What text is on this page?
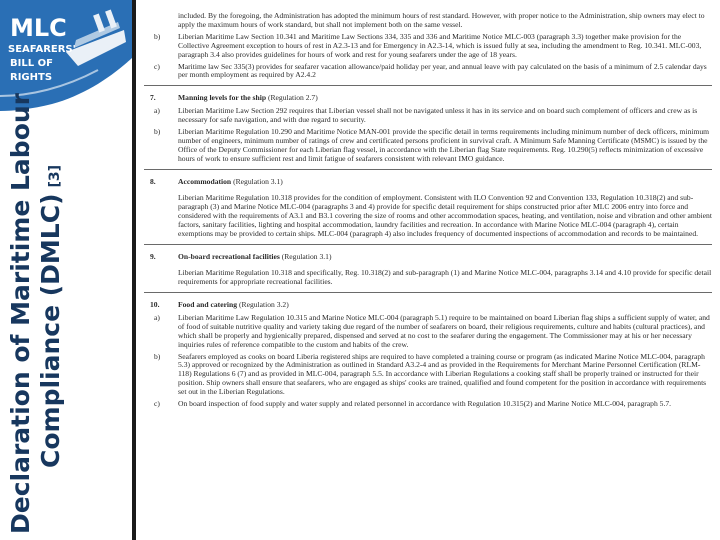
MLC
SEAFARERS'
BILL OF
RIGHTS
Declaration of Maritime Labour Compliance (DMLC)[3]

included. By the foregoing, the Administration has adopted the minimum hours of rest standard. However, with proper notice to the Administration, ship owners may elect to apply the maximum hours of work standard, but shall not implement both on the same vessel.

b) Liberian Maritime Law Section 10.341 and Maritime Law Sections 334, 335 and 336 and Maritime Notice MLC-003 (paragraph 3.3) together make provision for the Collective Agreement exception to hours of rest in A2.3-13 and for Emergency in A2.3-14, which is issued fully at sea, including the amendment to Reg. 10.341. MLC-003, paragraph 3.4 also provides guidelines for hours of work and rest for young seafarers under the age of 18 years.
c) Maritime law Sec 335(3) provides for seafarer vacation allowance/paid holiday per year, and annual leave with pay calculated on the basis of a minimum of 2.5 calendar days per month employment as required by A2.4.2
7.	Manning levels for the ship (Regulation 2.7)
a) Liberian Maritime Law Section 292 requires that Liberian vessel shall not be navigated unless it has in its service and on board such complement of officers and crew as is necessary for safe navigation, and with due regard to security.
b) Liberian Maritime Regulation 10.290 and Maritime Notice MAN-001 provide the specific detail in terms requirements including minimum number of deck officers, minimum number of engineers, minimum number of ratings of crew and certificated persons proficient in survival craft. A Minimum Safe Manning Certificate (MSMC) is issued by the Office of the Deputy Commissioner for each Liberian flag vessel, in accordance with the Liberian flag State requirements. Reg. 10.290(5) reflects minimization of excessive hours of work to ensure sufficient rest and limit fatigue of seafarers consistent with relevant IMO guidance.
8.	Accommodation (Regulation 3.1)

Liberian Maritime Regulation 10.318 provides for the condition of employment. Consistent with ILO Convention 92 and Convention 133, Regulation 10.318(2) and sub-paragraph (3) and Marine Notice MLC-004 (paragraphs 3 and 4) provide for specific detail requirement for ships constructed prior after MLC 2006 entry into force and considered with the requirements of A3.1 and B3.1 covering the size of rooms and other accommodation spaces, heating, and ventilation, noise and vibration and other ambient factors, sanitary facilities, lighting and hospital accommodation, laundry facilities and recreation. In accordance with Marine Notice MLC-004 (paragraph 4), certain exemptions may be provided to certain ships. MLC-004 (paragraph 4) also includes frequency of documented inspections of accommodation and records to be maintained.

9.	On-board recreational facilities (Regulation 3.1)

Liberian Maritime Regulation 10.318 and specifically, Reg. 10.318(2) and sub-paragraph (1) and Marine Notice MLC-004, paragraphs 3.14 and 4.10 provide for specific detail requirements for appropriate recreational facilities.

10. Food and catering (Regulation 3.2)
a) Liberian Maritime Law Regulation 10.315 and Marine Notice MLC-004 (paragraph 5.1) require to be maintained on board Liberian flag ships a sufficient supply of water, and of food of suitable nutritive quality and variety taking due regard of the number of seafarers on board, their religious requirements, culture and habits (cultural practices), and which shall be properly and hygienically prepared, dispensed and served at no cost to the seafarer during the engagement. The Commissioner may at his or her necessary inquiries rules of reference compatible to the custom and habits of the crew.
b) Seafarers employed as cooks on board Liberia registered ships are required to have completed a training course or program (as indicated Marine Notice MLC-004, paragraph 5.3) approved or recognized by the Administration as outlined in Standard A3.2-4 and as provided in the Requirements for Merchant Marine Personnel Certification (RLM-118) Regulations 6 (7) and as provided in MLC-004, paragraph 5.5. In accordance with Liberian Regulations a cooking staff shall be properly trained or instructed for their position. Ship owners shall ensure that seafarers, who are engaged as ships' cooks are trained, qualified and found competent for the position in accordance with requirements set out in the Liberian Regulations.
c) On board inspection of food supply and water supply and related personnel in accordance with Regulation 10.315(2) and Marine Notice MLC-004, paragraph 5.7.
